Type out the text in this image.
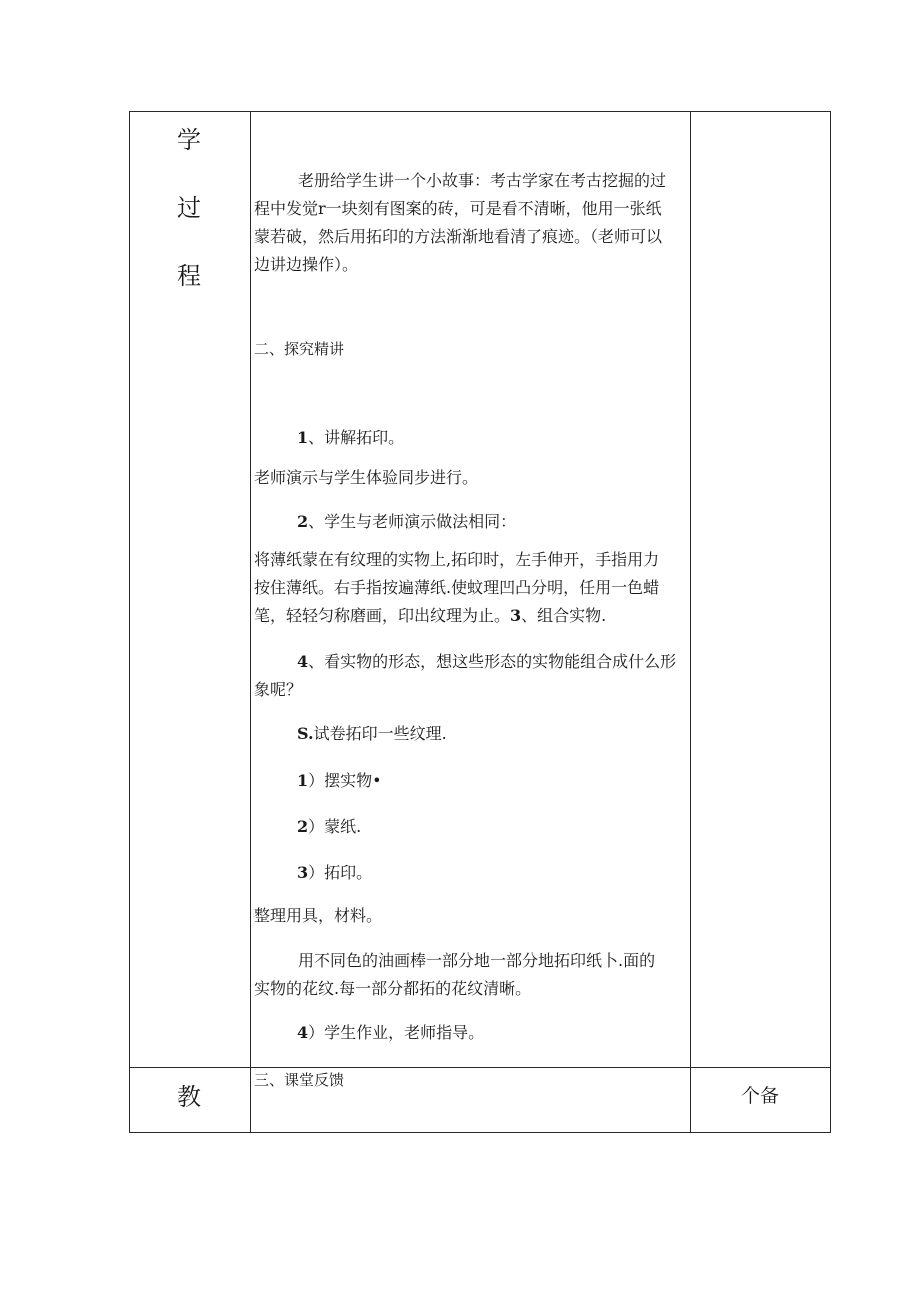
学
过
程
教	个备
老册给学生讲一个小故事：考古学家在考古挖掘的过
程中发觉r一块刻有图案的砖，可是看不清晰，他用一张纸
蒙若破，然后用拓印的方法渐渐地看清了痕迹。（老师可以
边讲边操作）。
二、探究精讲
1、讲解拓印。
老师演示与学生体验同步进行。
2、学生与老师演示做法相同：
将薄纸蒙在有纹理的实物上,拓印时，左手伸开，手指用力
按住薄纸。右手指按遍薄纸.使蚊理凹凸分明，任用一色蜡
笔，轻轻匀称磨画，印出纹理为止。3、组合实物.
4、看实物的形态，想这些形态的实物能组合成什么形
象呢？
S.试卷拓印一些纹理.
1）摆实物•
2）蒙纸.
3）拓印。
整理用具，材料。
用不同色的油画棒一部分地一部分地拓印纸卜.面的
实物的花纹.每一部分都拓的花纹清晰。
4）学生作业，老师指导。
三、课堂反馈
